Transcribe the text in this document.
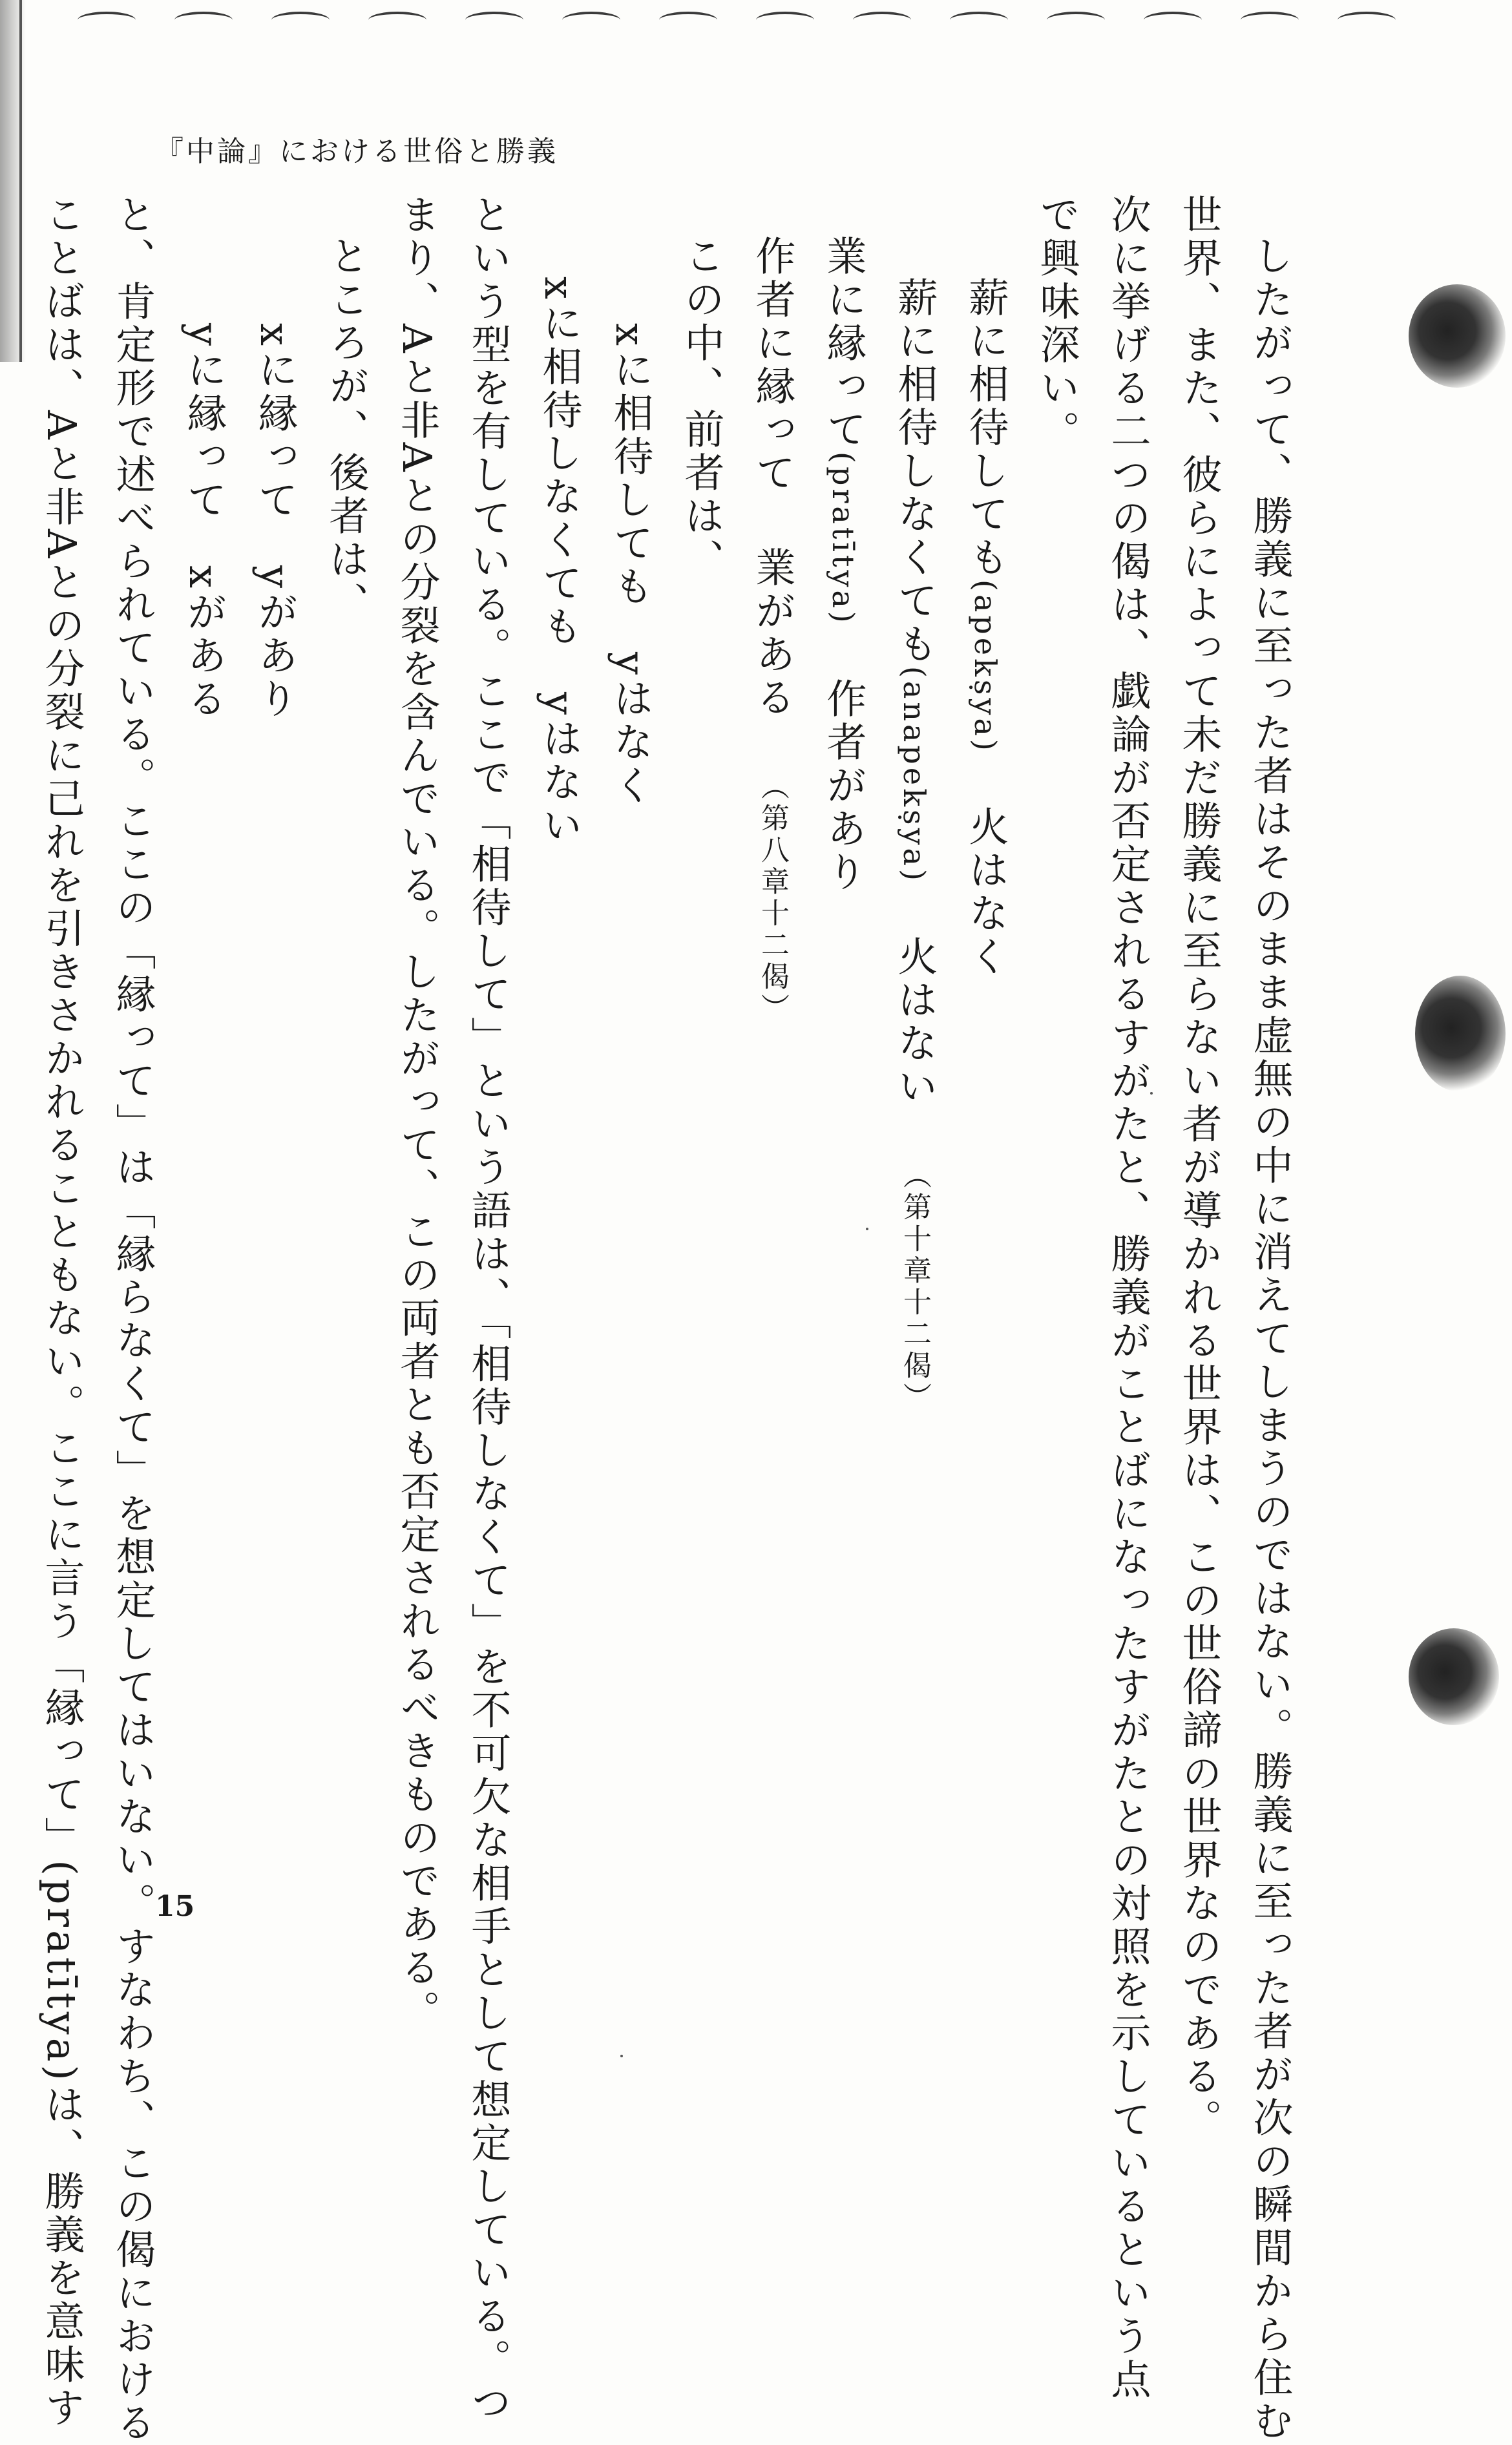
『中論』における世俗と勝義

したがって、勝義に至った者はそのまま虚無の中に消えてしまうのではない。勝義に至った者が次の瞬間から住む

世界、また、彼らによって未だ勝義に至らない者が導かれる世界は、この世俗諦の世界なのである。

次に挙げる二つの偈は、戯論が否定されるすがたと、勝義がことばになったすがたとの対照を示しているという点

で興味深い。

薪に相待しても(apekṣya)火はなく

薪に相待しなくても(anapekṣya)火はない（第十章十二偈）

業に縁って(pratītya)作者があり

作者に縁って業がある（第八章十二偈）

この中、前者は、

xに相待しても　yはなく

xに相待しなくても　yはない

という型を有している。ここで「相待して」という語は、「相待しなくて」を不可欠な相手として想定している。つ

まり、Aと非Aとの分裂を含んでいる。したがって、この両者とも否定されるべきものである。

ところが、後者は、

xに縁って　yがあり

yに縁って　xがある

と、肯定形で述べられている。ここの「縁って」は「縁らなくて」を想定してはいない。すなわち、この偈における

ことばは、Aと非Aとの分裂に己れを引きさかれることもない。ここに言う「縁って」(pratītya)は、勝義を意味す	15
